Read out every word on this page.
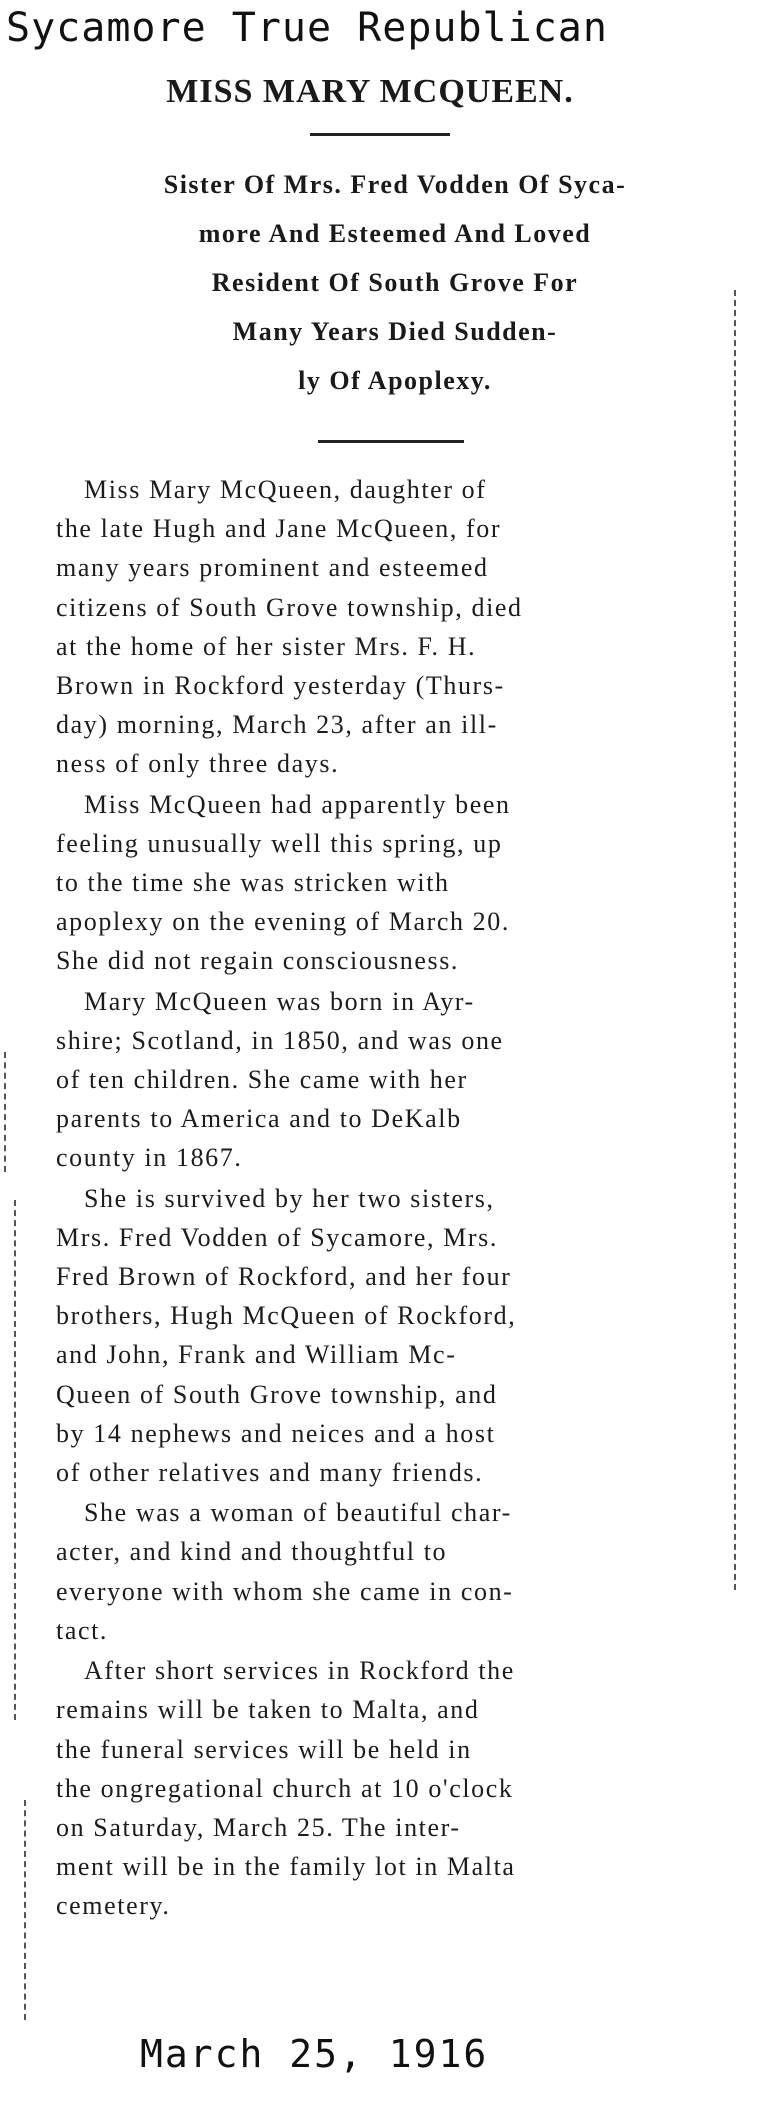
Sycamore True Republican
MISS MARY MCQUEEN.
Sister Of Mrs. Fred Vodden Of Syca-
more And Esteemed And Loved
Resident Of South Grove For
Many Years Died Sudden-
ly Of Apoplexy.
Miss Mary McQueen, daughter of
the late Hugh and Jane McQueen, for
many years prominent and esteemed
citizens of South Grove township, died
at the home of her sister Mrs. F. H.
Brown in Rockford yesterday (Thurs-
day) morning, March 23, after an ill-
ness of only three days.
Miss McQueen had apparently been
feeling unusually well this spring, up
to the time she was stricken with
apoplexy on the evening of March 20.
She did not regain consciousness.
Mary McQueen was born in Ayr-
shire; Scotland, in 1850, and was one
of ten children. She came with her
parents to America and to DeKalb
county in 1867.
She is survived by her two sisters,
Mrs. Fred Vodden of Sycamore, Mrs.
Fred Brown of Rockford, and her four
brothers, Hugh McQueen of Rockford,
and John, Frank and William Mc-
Queen of South Grove township, and
by 14 nephews and neices and a host
of other relatives and many friends.
She was a woman of beautiful char-
acter, and kind and thoughtful to
everyone with whom she came in con-
tact.
After short services in Rockford the
remains will be taken to Malta, and
the funeral services will be held in
the ongregational church at 10 o'clock
on Saturday, March 25. The inter-
ment will be in the family lot in Malta
cemetery.
March 25, 1916
